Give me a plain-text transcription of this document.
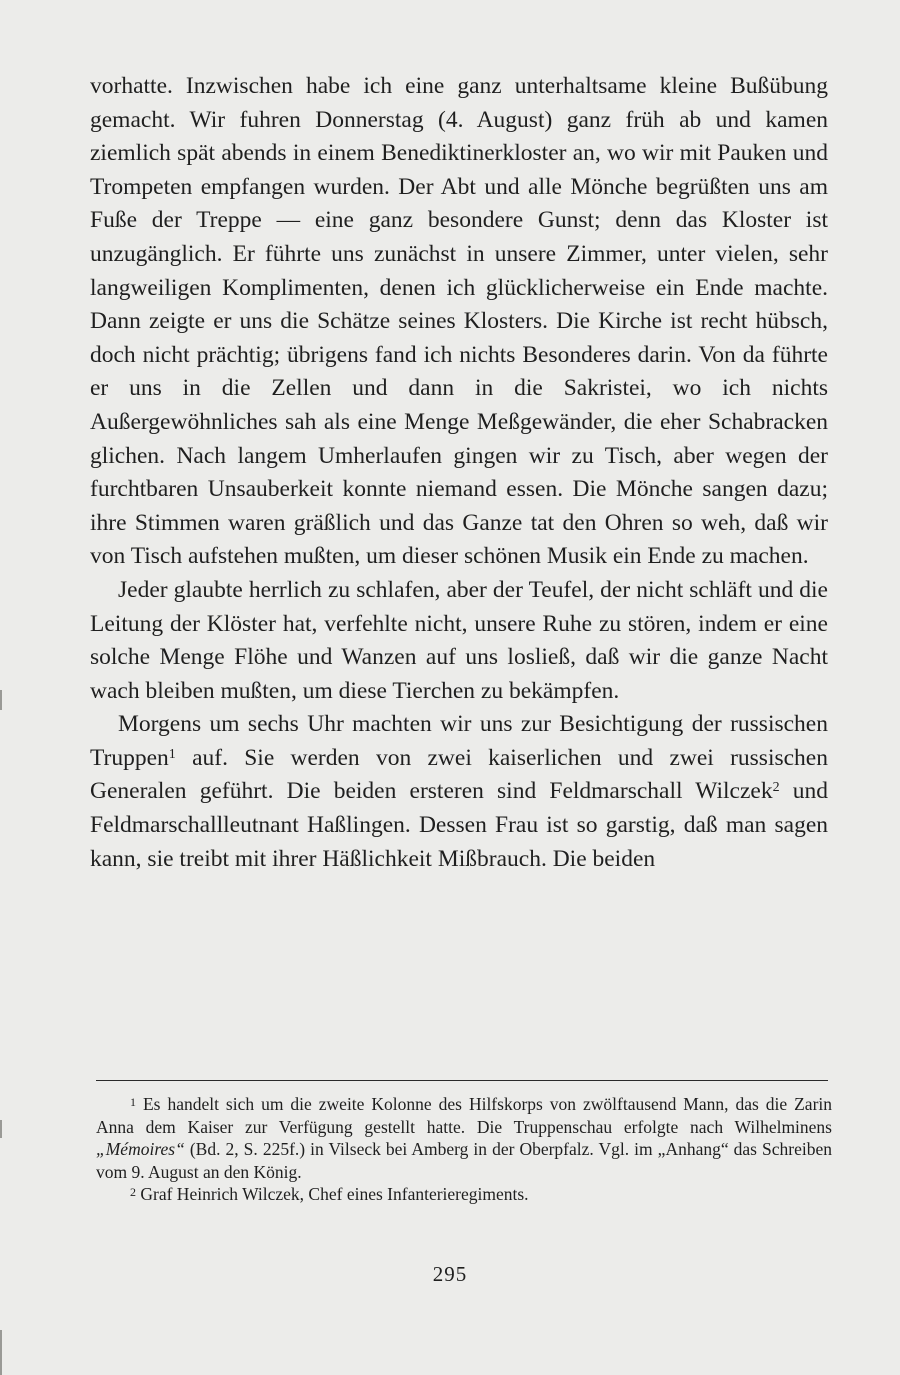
vorhatte. Inzwischen habe ich eine ganz unterhaltsame kleine Bußübung gemacht. Wir fuhren Donnerstag (4. August) ganz früh ab und kamen ziemlich spät abends in einem Benediktinerkloster an, wo wir mit Pauken und Trompeten empfangen wurden. Der Abt und alle Mönche begrüßten uns am Fuße der Treppe — eine ganz besondere Gunst; denn das Kloster ist unzugänglich. Er führte uns zunächst in unsere Zimmer, unter vielen, sehr langweiligen Komplimenten, denen ich glücklicherweise ein Ende machte. Dann zeigte er uns die Schätze seines Klosters. Die Kirche ist recht hübsch, doch nicht prächtig; übrigens fand ich nichts Besonderes darin. Von da führte er uns in die Zellen und dann in die Sakristei, wo ich nichts Außergewöhnliches sah als eine Menge Meßgewänder, die eher Schabracken glichen. Nach langem Umherlaufen gingen wir zu Tisch, aber wegen der furchtbaren Unsauberkeit konnte niemand essen. Die Mönche sangen dazu; ihre Stimmen waren gräßlich und das Ganze tat den Ohren so weh, daß wir von Tisch aufstehen mußten, um dieser schönen Musik ein Ende zu machen.

Jeder glaubte herrlich zu schlafen, aber der Teufel, der nicht schläft und die Leitung der Klöster hat, verfehlte nicht, unsere Ruhe zu stören, indem er eine solche Menge Flöhe und Wanzen auf uns losließ, daß wir die ganze Nacht wach bleiben mußten, um diese Tierchen zu bekämpfen.

Morgens um sechs Uhr machten wir uns zur Besichtigung der russischen Truppen$^1$ auf. Sie werden von zwei kaiserlichen und zwei russischen Generalen geführt. Die beiden ersteren sind Feldmarschall Wilczek$^2$ und Feldmarschallleutnant Haßlingen. Dessen Frau ist so garstig, daß man sagen kann, sie treibt mit ihrer Häßlichkeit Mißbrauch. Die beiden

$^1$ Es handelt sich um die zweite Kolonne des Hilfskorps von zwölftausend Mann, das die Zarin Anna dem Kaiser zur Verfügung gestellt hatte. Die Truppenschau erfolgte nach Wilhelminens „Mémoires“ (Bd. 2, S. 225f.) in Vilseck bei Amberg in der Oberpfalz. Vgl. im „Anhang“ das Schreiben vom 9. August an den König.

$^2$ Graf Heinrich Wilczek, Chef eines Infanterieregiments.

295
